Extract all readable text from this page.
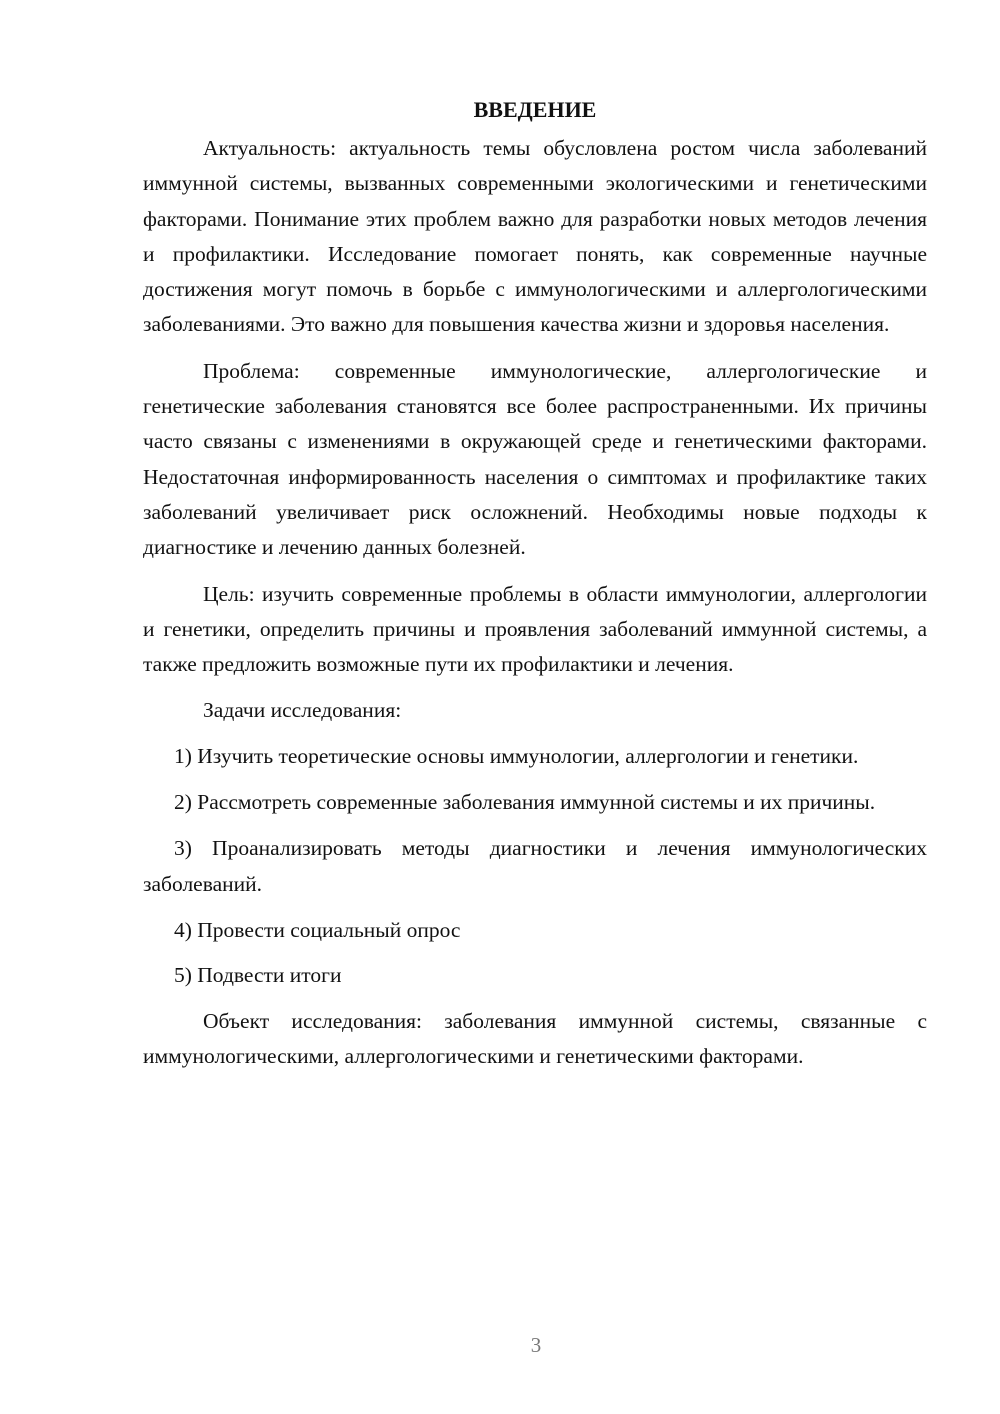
ВВЕДЕНИЕ

Актуальность: актуальность темы обусловлена ростом числа заболеваний иммунной системы, вызванных современными экологическими и генетическими факторами. Понимание этих проблем важно для разработки новых методов лечения и профилактики. Исследование помогает понять, как современные научные достижения могут помочь в борьбе с иммунологическими и аллергологическими заболеваниями. Это важно для повышения качества жизни и здоровья населения.

Проблема: современные иммунологические, аллергологические и генетические заболевания становятся все более распространенными. Их причины часто связаны с изменениями в окружающей среде и генетическими факторами. Недостаточная информированность населения о симптомах и профилактике таких заболеваний увеличивает риск осложнений. Необходимы новые подходы к диагностике и лечению данных болезней.

Цель: изучить современные проблемы в области иммунологии, аллергологии и генетики, определить причины и проявления заболеваний иммунной системы, а также предложить возможные пути их профилактики и лечения.

Задачи исследования:

1) Изучить теоретические основы иммунологии, аллергологии и генетики.

2) Рассмотреть современные заболевания иммунной системы и их причины.

3) Проанализировать методы диагностики и лечения иммунологических заболеваний.

4) Провести социальный опрос

5) Подвести итоги

Объект исследования: заболевания иммунной системы, связанные с иммунологическими, аллергологическими и генетическими факторами.

3
